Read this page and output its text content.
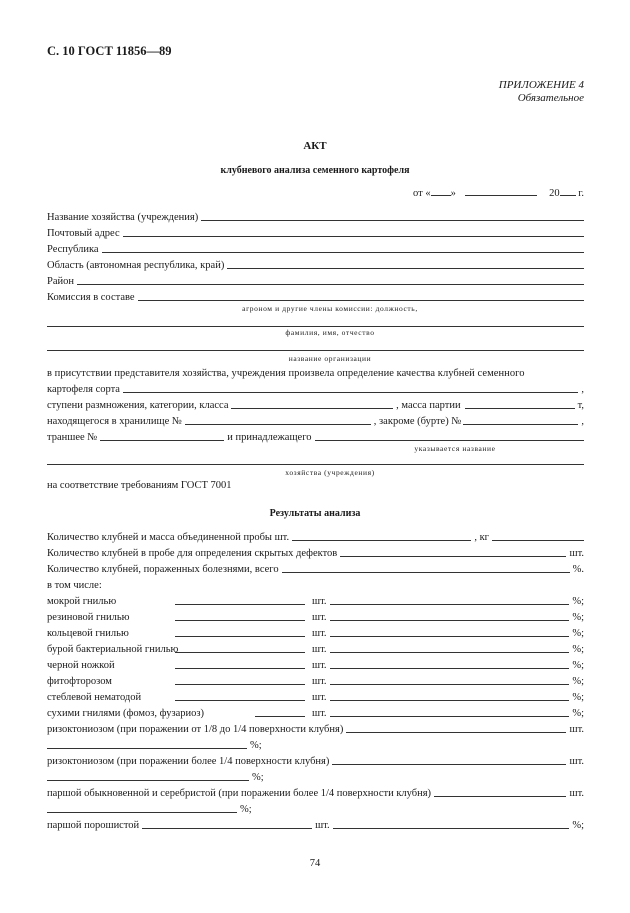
С. 10 ГОСТ 11856—89
ПРИЛОЖЕНИЕ 4
Обязательное
АКТ
клубневого анализа семенного картофеля
от « »	20 г.
Название хозяйства (учреждения)
Почтовый адрес
Республика
Область (автономная республика, край)
Район
Комиссия в составе
агроном и другие члены комиссии: должность,
фамилия, имя, отчество
название организации
в присутствии представителя хозяйства, учреждения произвела определение качества клубней семенного
картофеля сорта	,
ступени размножения, категории, класса	, масса партии	т,
находящегося в хранилище №	, закроме (бурте) №	,
траншее №	и принадлежащего
указывается название
хозяйства (учреждения)
на соответствие требованиям ГОСТ 7001
Результаты анализа
Количество клубней и масса объединенной пробы шт.	, кг
Количество клубней в пробе для определения скрытых дефектов	шт.
Количество клубней, пораженных болезнями, всего	%.
в том числе:
мокрой гнилью	шт.	%;
резиновой гнилью	шт.	%;
кольцевой гнилью	шт.	%;
бурой бактериальной гнилью	шт.	%;
черной ножкой	шт.	%;
фитофторозом	шт.	%;
стеблевой нематодой	шт.	%;
сухими гнилями (фомоз, фузариоз)	шт.	%;
ризоктониозом (при поражении от 1/8 до 1/4 поверхности клубня)	шт.
%;
ризоктониозом (при поражении более 1/4 поверхности клубня)	шт.
%;
паршой обыкновенной и серебристой (при поражении более 1/4 поверхности клубня)	шт.
%;
паршой порошистой	шт.	%;
74
